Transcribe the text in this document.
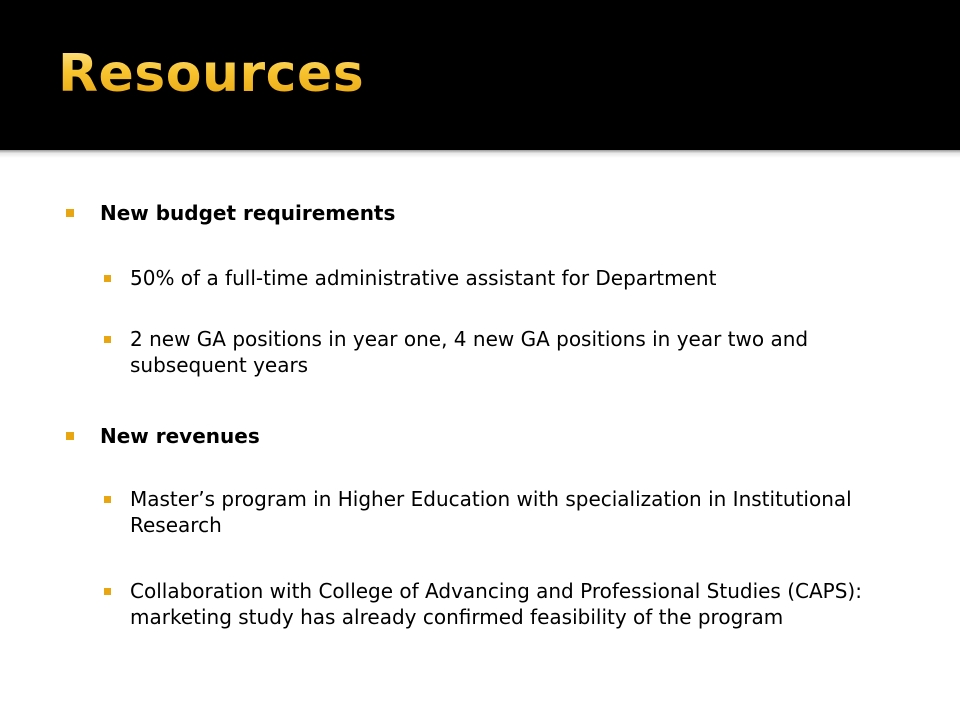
Resources
New budget requirements
50% of a full-time administrative assistant for Department
2 new GA positions in year one, 4 new GA positions in year two and subsequent years
New revenues
Master’s program in Higher Education with specialization in Institutional Research
Collaboration with College of Advancing and Professional Studies (CAPS): marketing study has already confirmed feasibility of the program
